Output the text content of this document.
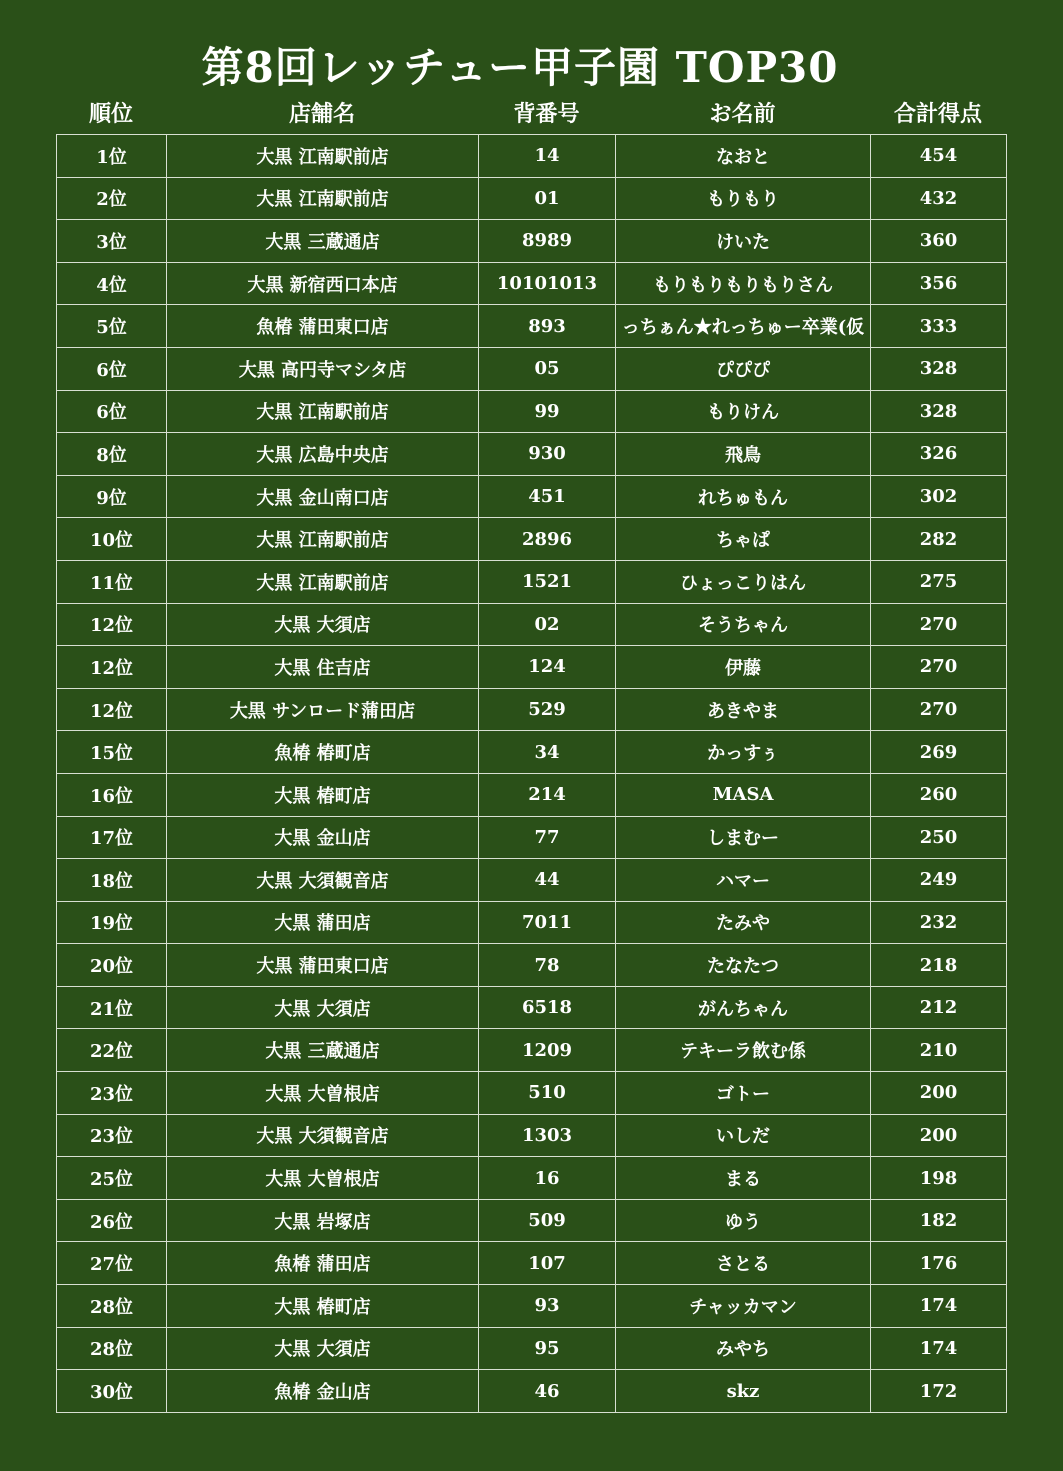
第8回レッチュー甲子園 TOP30
順位	店舗名	背番号	お名前	合計得点
1位	大黒 江南駅前店	14	なおと	454
2位	大黒 江南駅前店	01	もりもり	432
3位	大黒 三蔵通店	8989	けいた	360
4位	大黒 新宿西口本店	10101013	もりもりもりもりさん	356
5位	魚椿 蒲田東口店	893	っちぁん★れっちゅー卒業(仮	333
6位	大黒 高円寺マシタ店	05	ぴぴぴ	328
6位	大黒 江南駅前店	99	もりけん	328
8位	大黒 広島中央店	930	飛鳥	326
9位	大黒 金山南口店	451	れちゅもん	302
10位	大黒 江南駅前店	2896	ちゃぱ	282
11位	大黒 江南駅前店	1521	ひょっこりはん	275
12位	大黒 大須店	02	そうちゃん	270
12位	大黒 住吉店	124	伊藤	270
12位	大黒 サンロード蒲田店	529	あきやま	270
15位	魚椿 椿町店	34	かっすぅ	269
16位	大黒 椿町店	214	MASA	260
17位	大黒 金山店	77	しまむー	250
18位	大黒 大須観音店	44	ハマー	249
19位	大黒 蒲田店	7011	たみや	232
20位	大黒 蒲田東口店	78	たなたつ	218
21位	大黒 大須店	6518	がんちゃん	212
22位	大黒 三蔵通店	1209	テキーラ飲む係	210
23位	大黒 大曽根店	510	ゴトー	200
23位	大黒 大須観音店	1303	いしだ	200
25位	大黒 大曽根店	16	まる	198
26位	大黒 岩塚店	509	ゆう	182
27位	魚椿 蒲田店	107	さとる	176
28位	大黒 椿町店	93	チャッカマン	174
28位	大黒 大須店	95	みやち	174
30位	魚椿 金山店	46	skz	172
